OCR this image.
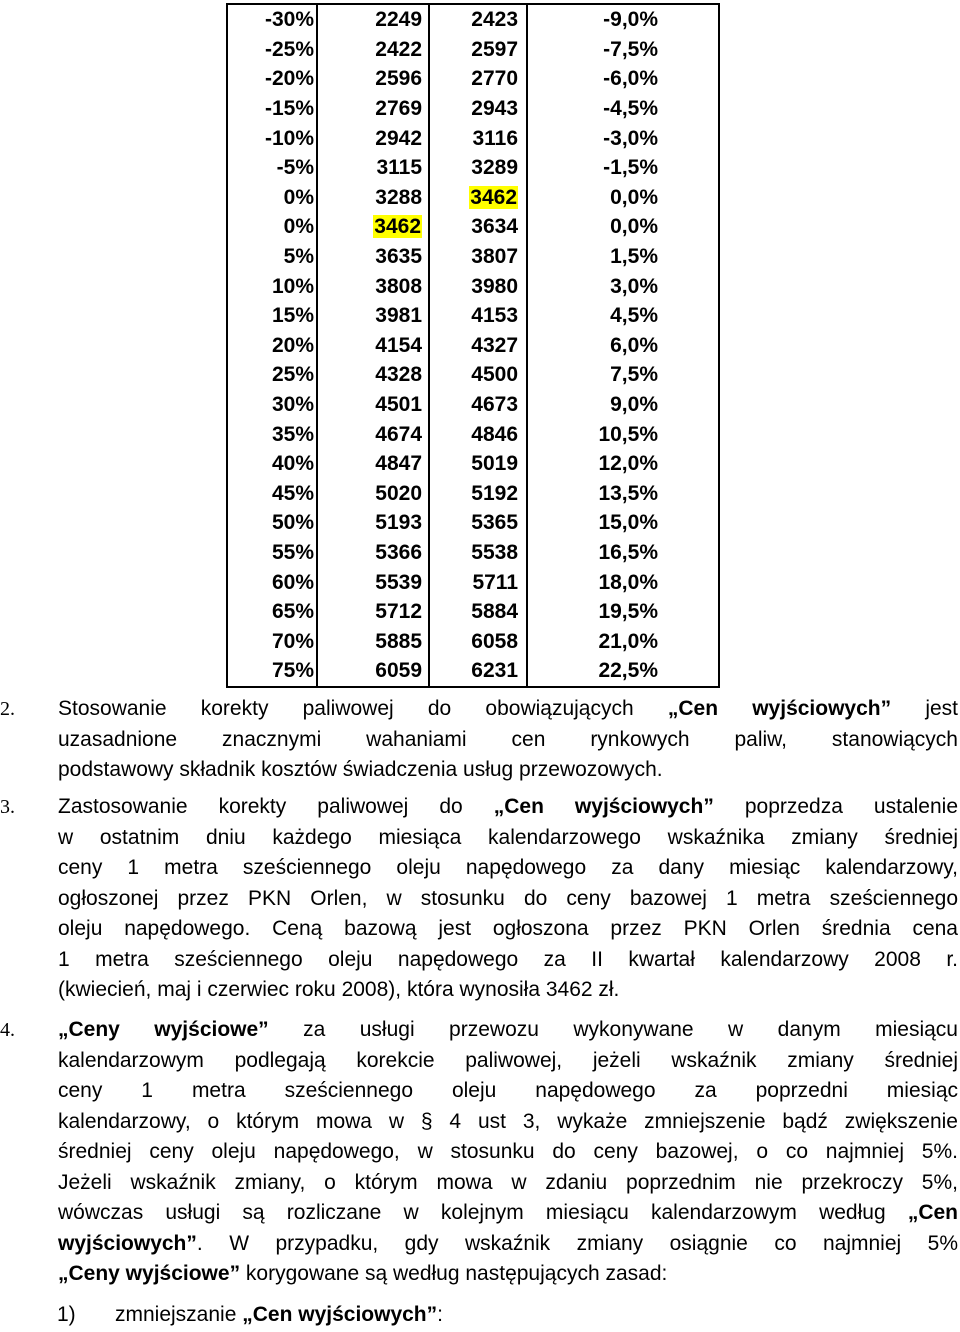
-30%	2249	2423	-9,0%
-25%	2422	2597	-7,5%
-20%	2596	2770	-6,0%
-15%	2769	2943	-4,5%
-10%	2942	3116	-3,0%
-5%	3115	3289	-1,5%
0%	3288	3462	0,0%
0%	3462	3634	0,0%
5%	3635	3807	1,5%
10%	3808	3980	3,0%
15%	3981	4153	4,5%
20%	4154	4327	6,0%
25%	4328	4500	7,5%
30%	4501	4673	9,0%
35%	4674	4846	10,5%
40%	4847	5019	12,0%
45%	5020	5192	13,5%
50%	5193	5365	15,0%
55%	5366	5538	16,5%
60%	5539	5711	18,0%
65%	5712	5884	19,5%
70%	5885	6058	21,0%
75%	6059	6231	22,5%
2.	Stosowanie korekty paliwowej do obowiązujących „Cen wyjściowych” jest
uzasadnione znacznymi wahaniami cen rynkowych paliw, stanowiących
podstawowy składnik kosztów świadczenia usług przewozowych.
3.	Zastosowanie korekty paliwowej do „Cen wyjściowych” poprzedza ustalenie
w ostatnim dniu każdego miesiąca kalendarzowego wskaźnika zmiany średniej
ceny 1 metra sześciennego oleju napędowego za dany miesiąc kalendarzowy,
ogłoszonej przez PKN Orlen, w stosunku do ceny bazowej 1 metra sześciennego
oleju napędowego. Ceną bazową jest ogłoszona przez PKN Orlen średnia cena
1 metra sześciennego oleju napędowego za II kwartał kalendarzowy 2008 r.
(kwiecień, maj i czerwiec roku 2008), która wynosiła 3462 zł.
4.	„Ceny wyjściowe” za usługi przewozu wykonywane w danym miesiącu
kalendarzowym podlegają korekcie paliwowej, jeżeli wskaźnik zmiany średniej
ceny 1 metra sześciennego oleju napędowego za poprzedni miesiąc
kalendarzowy, o którym mowa w § 4 ust 3, wykaże zmniejszenie bądź zwiększenie
średniej ceny oleju napędowego, w stosunku do ceny bazowej, o co najmniej 5%.
Jeżeli wskaźnik zmiany, o którym mowa w zdaniu poprzednim nie przekroczy 5%,
wówczas usługi są rozliczane w kolejnym miesiącu kalendarzowym według „Cen
wyjściowych”. W przypadku, gdy wskaźnik zmiany osiągnie co najmniej 5%
„Ceny wyjściowe” korygowane są według następujących zasad:
1)	zmniejszanie „Cen wyjściowych”:
